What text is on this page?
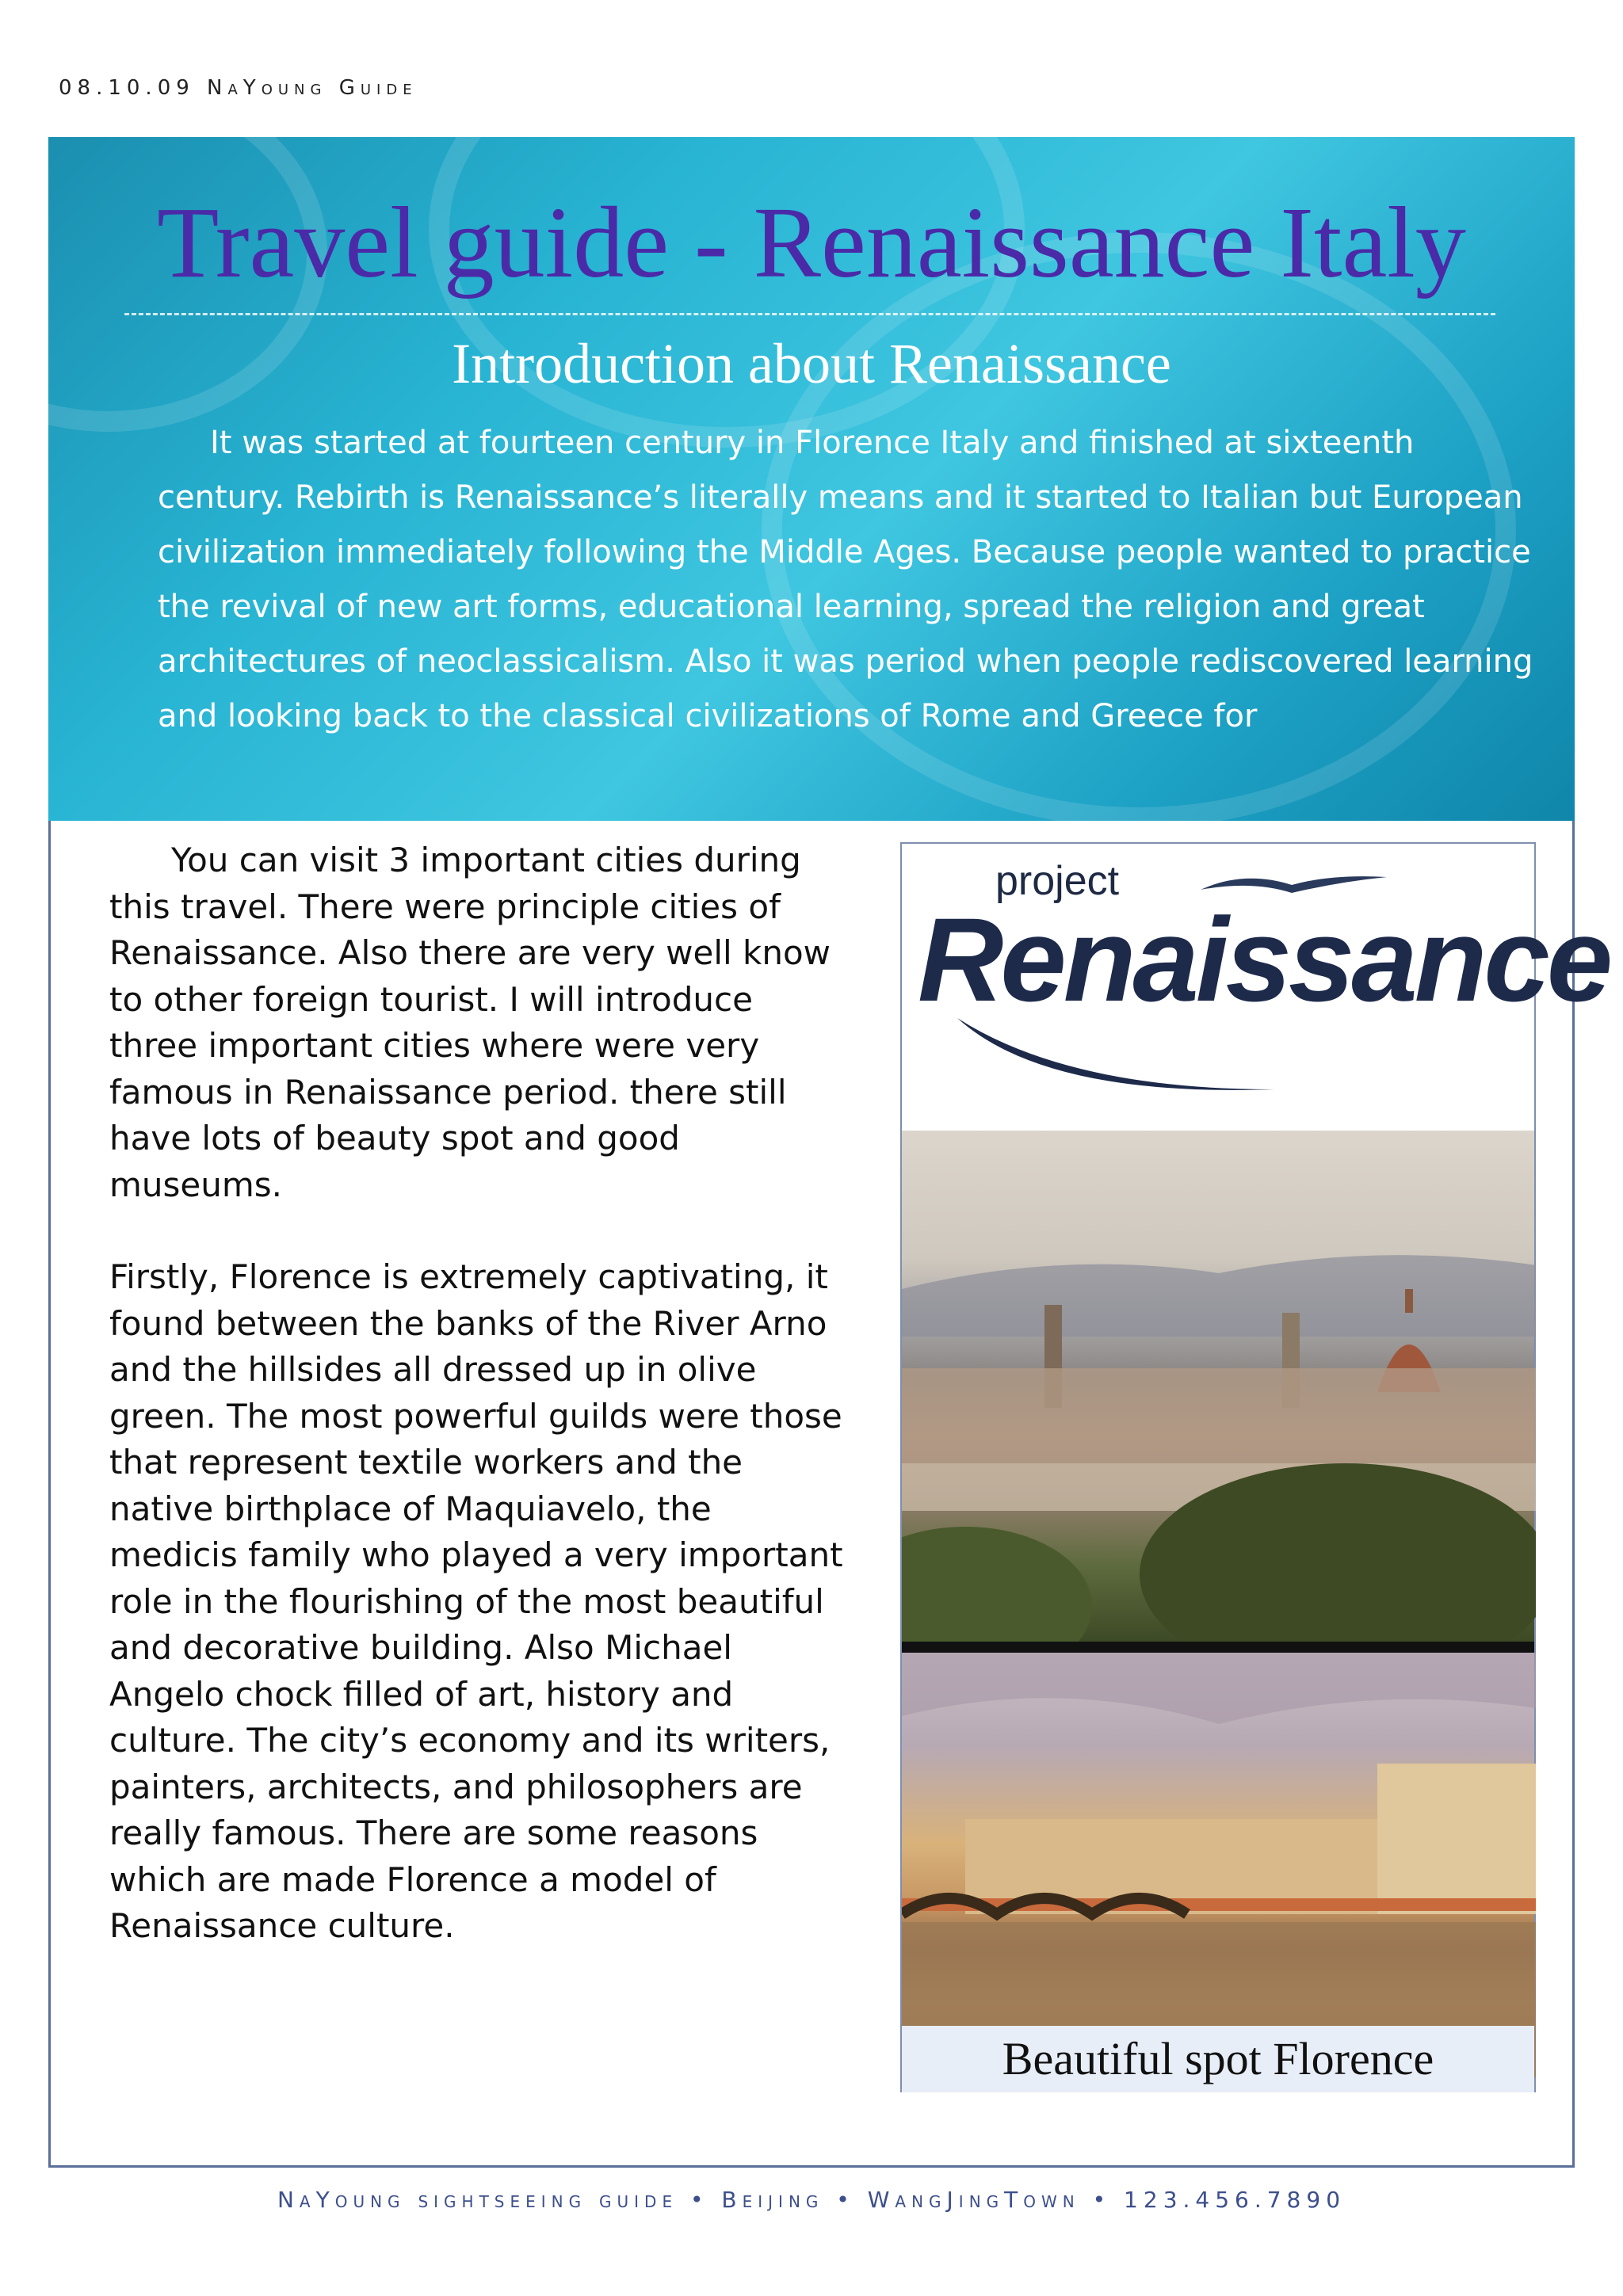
08.10.09 NaYoung Guide
Travel guide - Renaissance Italy
Introduction about Renaissance

It was started at fourteen century in Florence Italy and finished at sixteenth century. Rebirth is Renaissance’s literally means and it started to Italian but European civilization immediately following the Middle Ages. Because people wanted to practice the revival of new art forms, educational learning, spread the religion and great architectures of neoclassicalism. Also it was period when people rediscovered learning and looking back to the classical civilizations of Rome and Greece for

You can visit 3 important cities during this travel. There were principle cities of Renaissance. Also there are very well know to other foreign tourist. I will introduce three important cities where were very famous in Renaissance period. there still have lots of beauty spot and good museums.

Firstly, Florence is extremely captivating, it found between the banks of the River Arno and the hillsides all dressed up in olive green. The most powerful guilds were those that represent textile workers and the native birthplace of Maquiavelo, the medicis family who played a very important role in the flourishing of the most beautiful and decorative building. Also Michael Angelo chock filled of art, history and culture. The city’s economy and its writers, painters, architects, and philosophers are really famous. There are some reasons which are made Florence a model of Renaissance culture.

project
Renaissance
Beautiful spot Florence
NaYoung sightseeing guide • Beijing • WangJingTown • 123.456.7890
